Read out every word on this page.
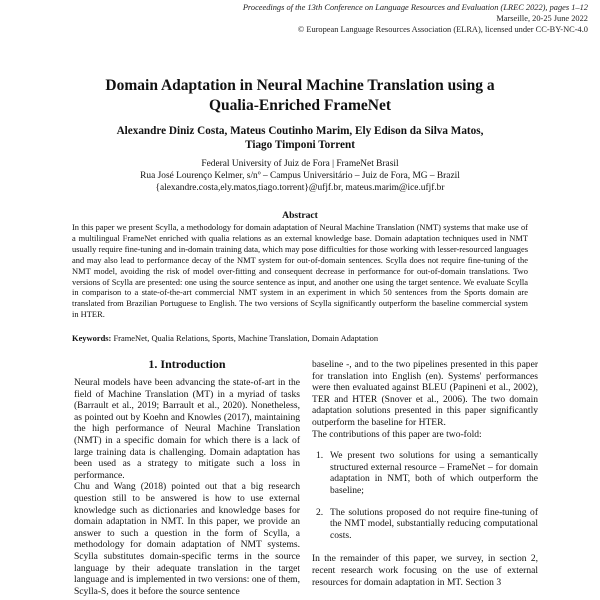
Proceedings of the 13th Conference on Language Resources and Evaluation (LREC 2022), pages 1–12
Marseille, 20-25 June 2022
© European Language Resources Association (ELRA), licensed under CC-BY-NC-4.0
Domain Adaptation in Neural Machine Translation using a
Qualia-Enriched FrameNet
Alexandre Diniz Costa, Mateus Coutinho Marim, Ely Edison da Silva Matos,
Tiago Timponi Torrent
Federal University of Juiz de Fora | FrameNet Brasil
Rua José Lourenço Kelmer, s/nº – Campus Universitário – Juiz de Fora, MG – Brazil
{alexandre.costa,ely.matos,tiago.torrent}@ufjf.br, mateus.marim@ice.ufjf.br
Abstract
In this paper we present Scylla, a methodology for domain adaptation of Neural Machine Translation (NMT) systems that make use of a multilingual FrameNet enriched with qualia relations as an external knowledge base. Domain adaptation techniques used in NMT usually require fine-tuning and in-domain training data, which may pose difficulties for those working with lesser-resourced languages and may also lead to performance decay of the NMT system for out-of-domain sentences. Scylla does not require fine-tuning of the NMT model, avoiding the risk of model over-fitting and consequent decrease in performance for out-of-domain translations. Two versions of Scylla are presented: one using the source sentence as input, and another one using the target sentence. We evaluate Scylla in comparison to a state-of-the-art commercial NMT system in an experiment in which 50 sentences from the Sports domain are translated from Brazilian Portuguese to English. The two versions of Scylla significantly outperform the baseline commercial system in HTER.
Keywords: FrameNet, Qualia Relations, Sports, Machine Translation, Domain Adaptation
1. Introduction

Neural models have been advancing the state-of-art in the field of Machine Translation (MT) in a myriad of tasks (Barrault et al., 2019; Barrault et al., 2020). Nonetheless, as pointed out by Koehn and Knowles (2017), maintaining the high performance of Neural Machine Translation (NMT) in a specific domain for which there is a lack of large training data is challenging. Domain adaptation has been used as a strategy to mitigate such a loss in performance.

Chu and Wang (2018) pointed out that a big research question still to be answered is how to use external knowledge such as dictionaries and knowledge bases for domain adaptation in NMT. In this paper, we provide an answer to such a question in the form of Scylla, a methodology for domain adaptation of NMT systems. Scylla substitutes domain-specific terms in the source language by their adequate translation in the target language and is implemented in two versions: one of them, Scylla-S, does it before the source sentence

baseline -, and to the two pipelines presented in this paper for translation into English (en). Systems' performances were then evaluated against BLEU (Papineni et al., 2002), TER and HTER (Snover et al., 2006). The two domain adaptation solutions presented in this paper significantly outperform the baseline for HTER.

The contributions of this paper are two-fold:

1. We present two solutions for using a semantically structured external resource – FrameNet – for domain adaptation in NMT, both of which outperform the baseline;
2. The solutions proposed do not require fine-tuning of the NMT model, substantially reducing computational costs.

In the remainder of this paper, we survey, in section 2, recent research work focusing on the use of external resources for domain adaptation in MT. Section 3
